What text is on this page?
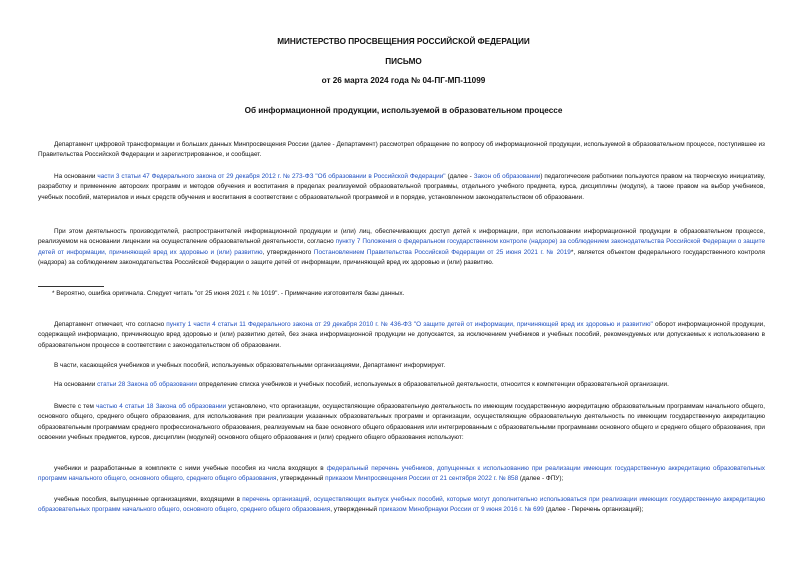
МИНИСТЕРСТВО ПРОСВЕЩЕНИЯ РОССИЙСКОЙ ФЕДЕРАЦИИ
ПИСЬМО
от 26 марта 2024 года № 04-ПГ-МП-11099
Об информационной продукции, используемой в образовательном процессе

Департамент цифровой трансформации и больших данных Минпросвещения России (далее - Департамент) рассмотрел обращение по вопросу об информационной продукции, используемой в образовательном процессе, поступившее из Правительства Российской Федерации и зарегистрированное, и сообщает.

На основании части 3 статьи 47 Федерального закона от 29 декабря 2012 г. № 273-ФЗ "Об образовании в Российской Федерации" (далее - Закон об образовании) педагогические работники пользуются правом на творческую инициативу, разработку и применение авторских программ и методов обучения и воспитания в пределах реализуемой образовательной программы, отдельного учебного предмета, курса, дисциплины (модуля), а также правом на выбор учебников, учебных пособий, материалов и иных средств обучения и воспитания в соответствии с образовательной программой и в порядке, установленном законодательством об образовании.

При этом деятельность производителей, распространителей информационной продукции и (или) лиц, обеспечивающих доступ детей к информации, при использовании информационной продукции в образовательном процессе, реализуемом на основании лицензии на осуществление образовательной деятельности, согласно пункту 7 Положения о федеральном государственном контроле (надзоре) за соблюдением законодательства Российской Федерации о защите детей от информации, причиняющей вред их здоровью и (или) развитию, утвержденного Постановлением Правительства Российской Федерации от 25 июня 2021 г. № 2019*, является объектом федерального государственного контроля (надзора) за соблюдением законодательства Российской Федерации о защите детей от информации, причиняющей вред их здоровью и (или) развитию.

* Вероятно, ошибка оригинала. Следует читать "от 25 июня 2021 г. № 1019". - Примечание изготовителя базы данных.

Департамент отмечает, что согласно пункту 1 части 4 статьи 11 Федерального закона от 29 декабря 2010 г. № 436-ФЗ "О защите детей от информации, причиняющей вред их здоровью и развитию" оборот информационной продукции, содержащей информацию, причиняющую вред здоровью и (или) развитию детей, без знака информационной продукции не допускается, за исключением учебников и учебных пособий, рекомендуемых или допускаемых к использованию в образовательном процессе в соответствии с законодательством об образовании.

В части, касающейся учебников и учебных пособий, используемых образовательными организациями, Департамент информирует.

На основании статьи 28 Закона об образовании определение списка учебников и учебных пособий, используемых в образовательной деятельности, относится к компетенции образовательной организации.

Вместе с тем частью 4 статьи 18 Закона об образовании установлено, что организации, осуществляющие образовательную деятельность по имеющим государственную аккредитацию образовательным программам начального общего, основного общего, среднего общего образования, для использования при реализации указанных образовательных программ и организации, осуществляющие образовательную деятельность по имеющим государственную аккредитацию образовательным программам среднего профессионального образования, реализуемым на базе основного общего образования или интегрированным с образовательными программами основного общего и среднего общего образования, при освоении учебных предметов, курсов, дисциплин (модулей) основного общего образования и (или) среднего общего образования используют:

учебники и разработанные в комплекте с ними учебные пособия из числа входящих в федеральный перечень учебников, допущенных к использованию при реализации имеющих государственную аккредитацию образовательных программ начального общего, основного общего, среднего общего образования, утвержденный приказом Минпросвещения России от 21 сентября 2022 г. № 858 (далее - ФПУ);

учебные пособия, выпущенные организациями, входящими в перечень организаций, осуществляющих выпуск учебных пособий, которые могут дополнительно использоваться при реализации имеющих государственную аккредитацию образовательных программ начального общего, основного общего, среднего общего образования, утвержденный приказом Минобрнауки России от 9 июня 2016 г. № 699 (далее - Перечень организаций);
